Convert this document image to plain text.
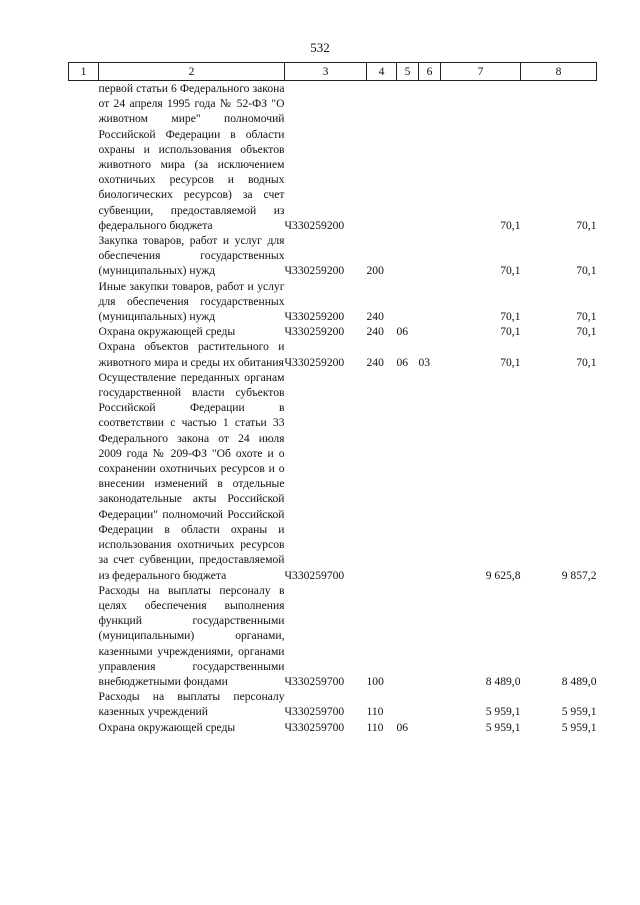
532
1	2	3	4	5	6	7	8

	первой статьи 6 Федерального закона от 24 апреля 1995 года № 52-ФЗ "О животном мире" полномочий Российской Федерации в области охраны и использования объектов животного мира (за исключением охотничьих ресурсов и водных биологических ресурсов) за счет субвенции, предоставляемой из федерального бюджета	Ч330259200				70,1	70,1

	Закупка товаров, работ и услуг для обеспечения государственных (муниципальных) нужд	Ч330259200	200			70,1	70,1

	Иные закупки товаров, работ и услуг для обеспечения государственных (муниципальных) нужд	Ч330259200	240			70,1	70,1

	Охрана окружающей среды	Ч330259200	240	06		70,1	70,1

	Охрана объектов растительного и животного мира и среды их обитания	Ч330259200	240	06	03	70,1	70,1

	Осуществление переданных органам государственной власти субъектов Российской Федерации в соответствии с частью 1 статьи 33 Федерального закона от 24 июля 2009 года № 209-ФЗ "Об охоте и о сохранении охотничьих ресурсов и о внесении изменений в отдельные законодательные акты Российской Федерации" полномочий Российской Федерации в области охраны и использования охотничьих ресурсов за счет субвенции, предоставляемой из федерального бюджета	Ч330259700				9 625,8	9 857,2

	Расходы на выплаты персоналу в целях обеспечения выполнения функций государственными (муниципальными) органами, казенными учреждениями, органами управления государственными внебюджетными фондами	Ч330259700	100			8 489,0	8 489,0

	Расходы на выплаты персоналу казенных учреждений	Ч330259700	110			5 959,1	5 959,1

	Охрана окружающей среды	Ч330259700	110	06		5 959,1	5 959,1
